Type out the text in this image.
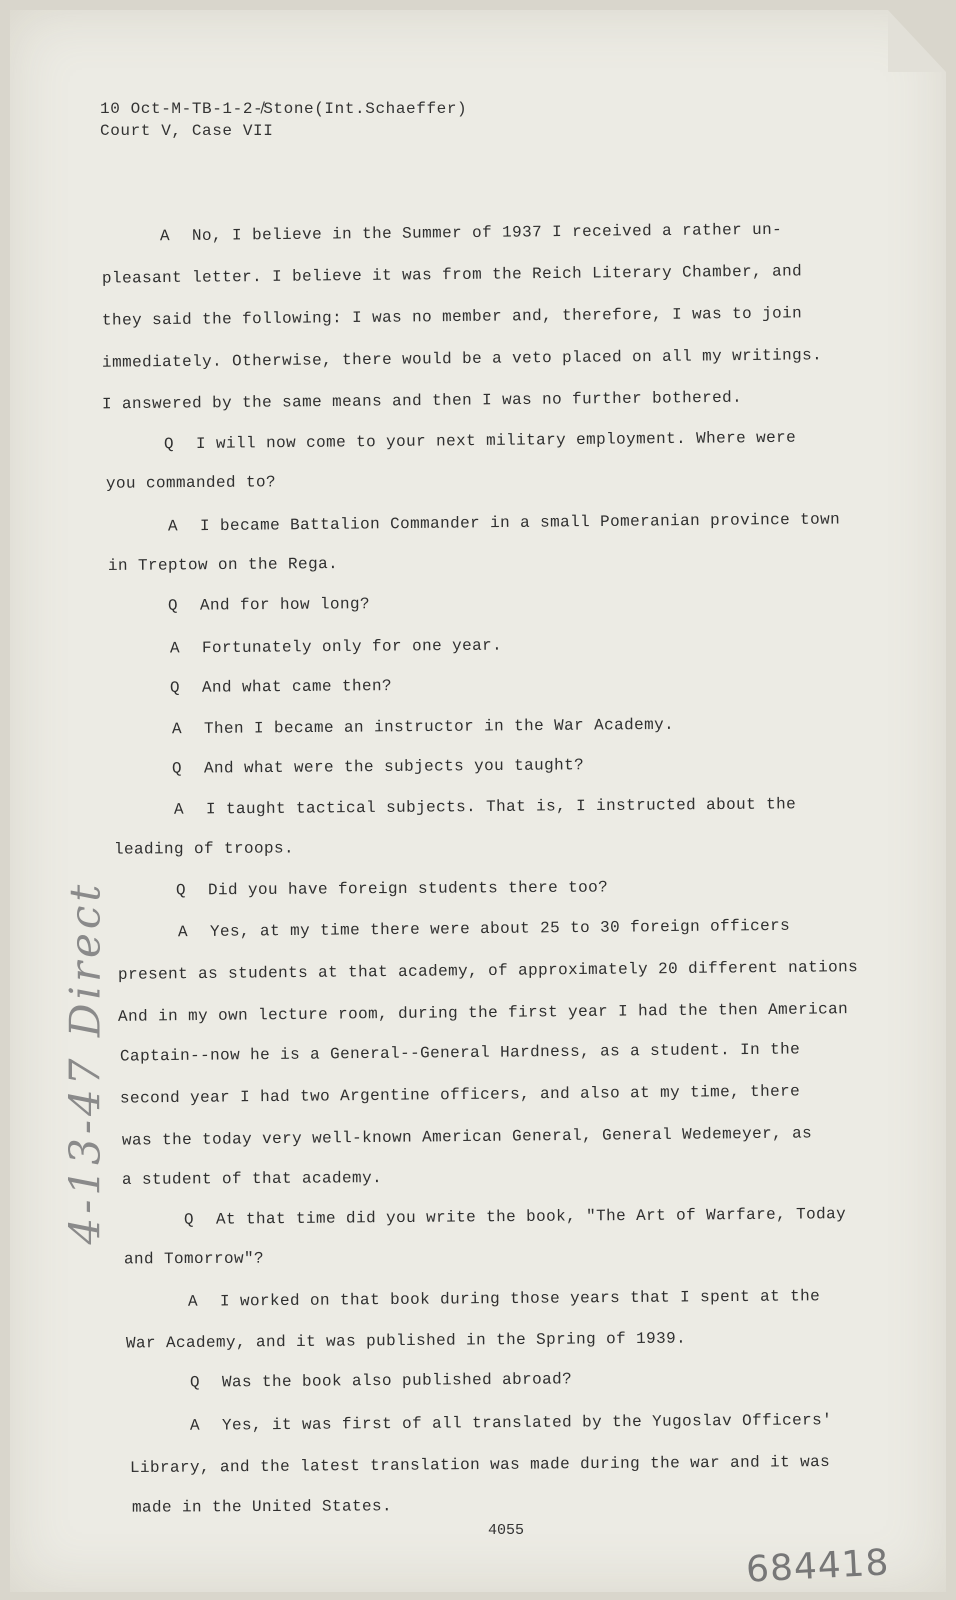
10 Oct-M-TB-1-2-̸Stone(Int.Schaeffer)
Court V, Case VII
A No, I believe in the Summer of 1937 I received a rather un-
pleasant letter. I believe it was from the Reich Literary Chamber, and
they said the following: I was no member and, therefore, I was to join
immediately. Otherwise, there would be a veto placed on all my writings.
I answered by the same means and then I was no further bothered.
Q I will now come to your next military employment. Where were
you commanded to?
A I became Battalion Commander in a small Pomeranian province town
in Treptow on the Rega.
Q And for how long?
A Fortunately only for one year.
Q And what came then?
A Then I became an instructor in the War Academy.
Q And what were the subjects you taught?
A I taught tactical subjects. That is, I instructed about the
leading of troops.
Q Did you have foreign students there too?
A Yes, at my time there were about 25 to 30 foreign officers
present as students at that academy, of approximately 20 different nations
And in my own lecture room, during the first year I had the then American
Captain--now he is a General--General Hardness, as a student. In the
second year I had two Argentine officers, and also at my time, there
was the today very well-known American General, General Wedemeyer, as
a student of that academy.
Q At that time did you write the book, "The Art of Warfare, Today
and Tomorrow"?
A I worked on that book during those years that I spent at the
War Academy, and it was published in the Spring of 1939.
Q Was the book also published abroad?
A Yes, it was first of all translated by the Yugoslav Officers'
Library, and the latest translation was made during the war and it was
made in the United States.
4055
684418
4-13-47 Direct
